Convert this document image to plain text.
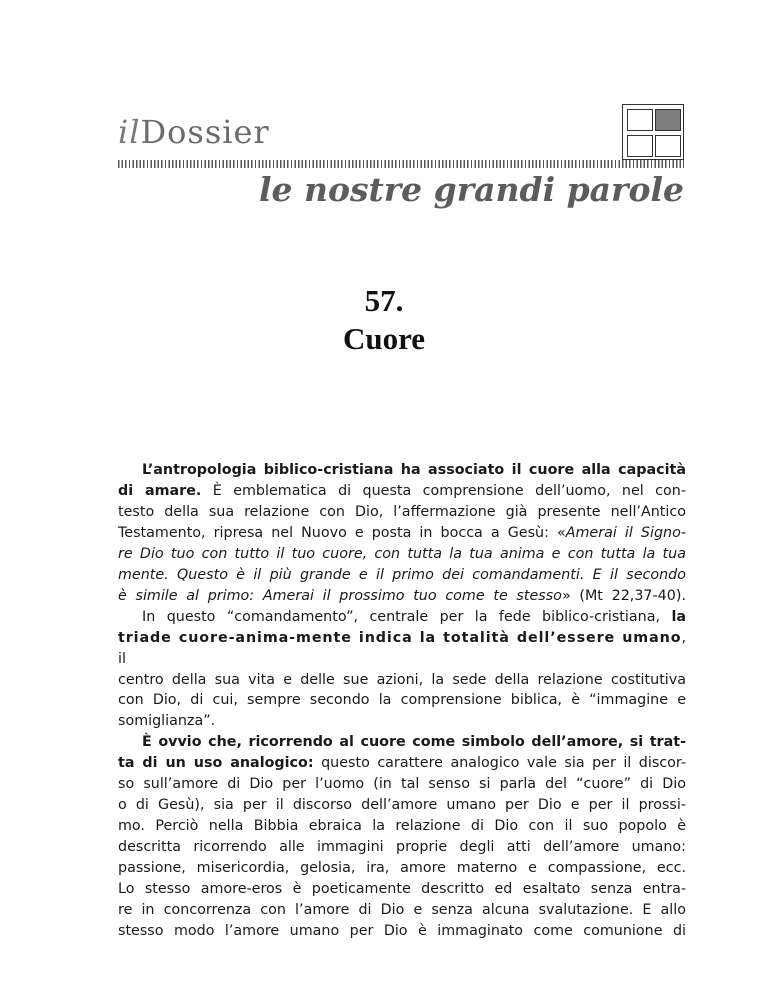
ilDossier
le nostre grandi parole
57.
Cuore
L’antropologia biblico-cristiana ha associato il cuore alla capacità
di amare. È emblematica di questa comprensione dell’uomo, nel con-
testo della sua relazione con Dio, l’affermazione già presente nell’Antico
Testamento, ripresa nel Nuovo e posta in bocca a Gesù: «Amerai il Signo-
re Dio tuo con tutto il tuo cuore, con tutta la tua anima e con tutta la tua
mente. Questo è il più grande e il primo dei comandamenti. E il secondo
è simile al primo: Amerai il prossimo tuo come te stesso» (Mt 22,37-40).
In questo “comandamento”, centrale per la fede biblico-cristiana, la
triade cuore-anima-mente indica la totalità dell’essere umano, il
centro della sua vita e delle sue azioni, la sede della relazione costitutiva
con Dio, di cui, sempre secondo la comprensione biblica, è “immagine e
somiglianza”.
È ovvio che, ricorrendo al cuore come simbolo dell’amore, si trat-
ta di un uso analogico: questo carattere analogico vale sia per il discor-
so sull’amore di Dio per l’uomo (in tal senso si parla del “cuore” di Dio
o di Gesù), sia per il discorso dell’amore umano per Dio e per il prossi-
mo. Perciò nella Bibbia ebraica la relazione di Dio con il suo popolo è
descritta ricorrendo alle immagini proprie degli atti dell’amore umano:
passione, misericordia, gelosia, ira, amore materno e compassione, ecc.
Lo stesso amore-eros è poeticamente descritto ed esaltato senza entra-
re in concorrenza con l’amore di Dio e senza alcuna svalutazione. E allo
stesso modo l’amore umano per Dio è immaginato come comunione di
